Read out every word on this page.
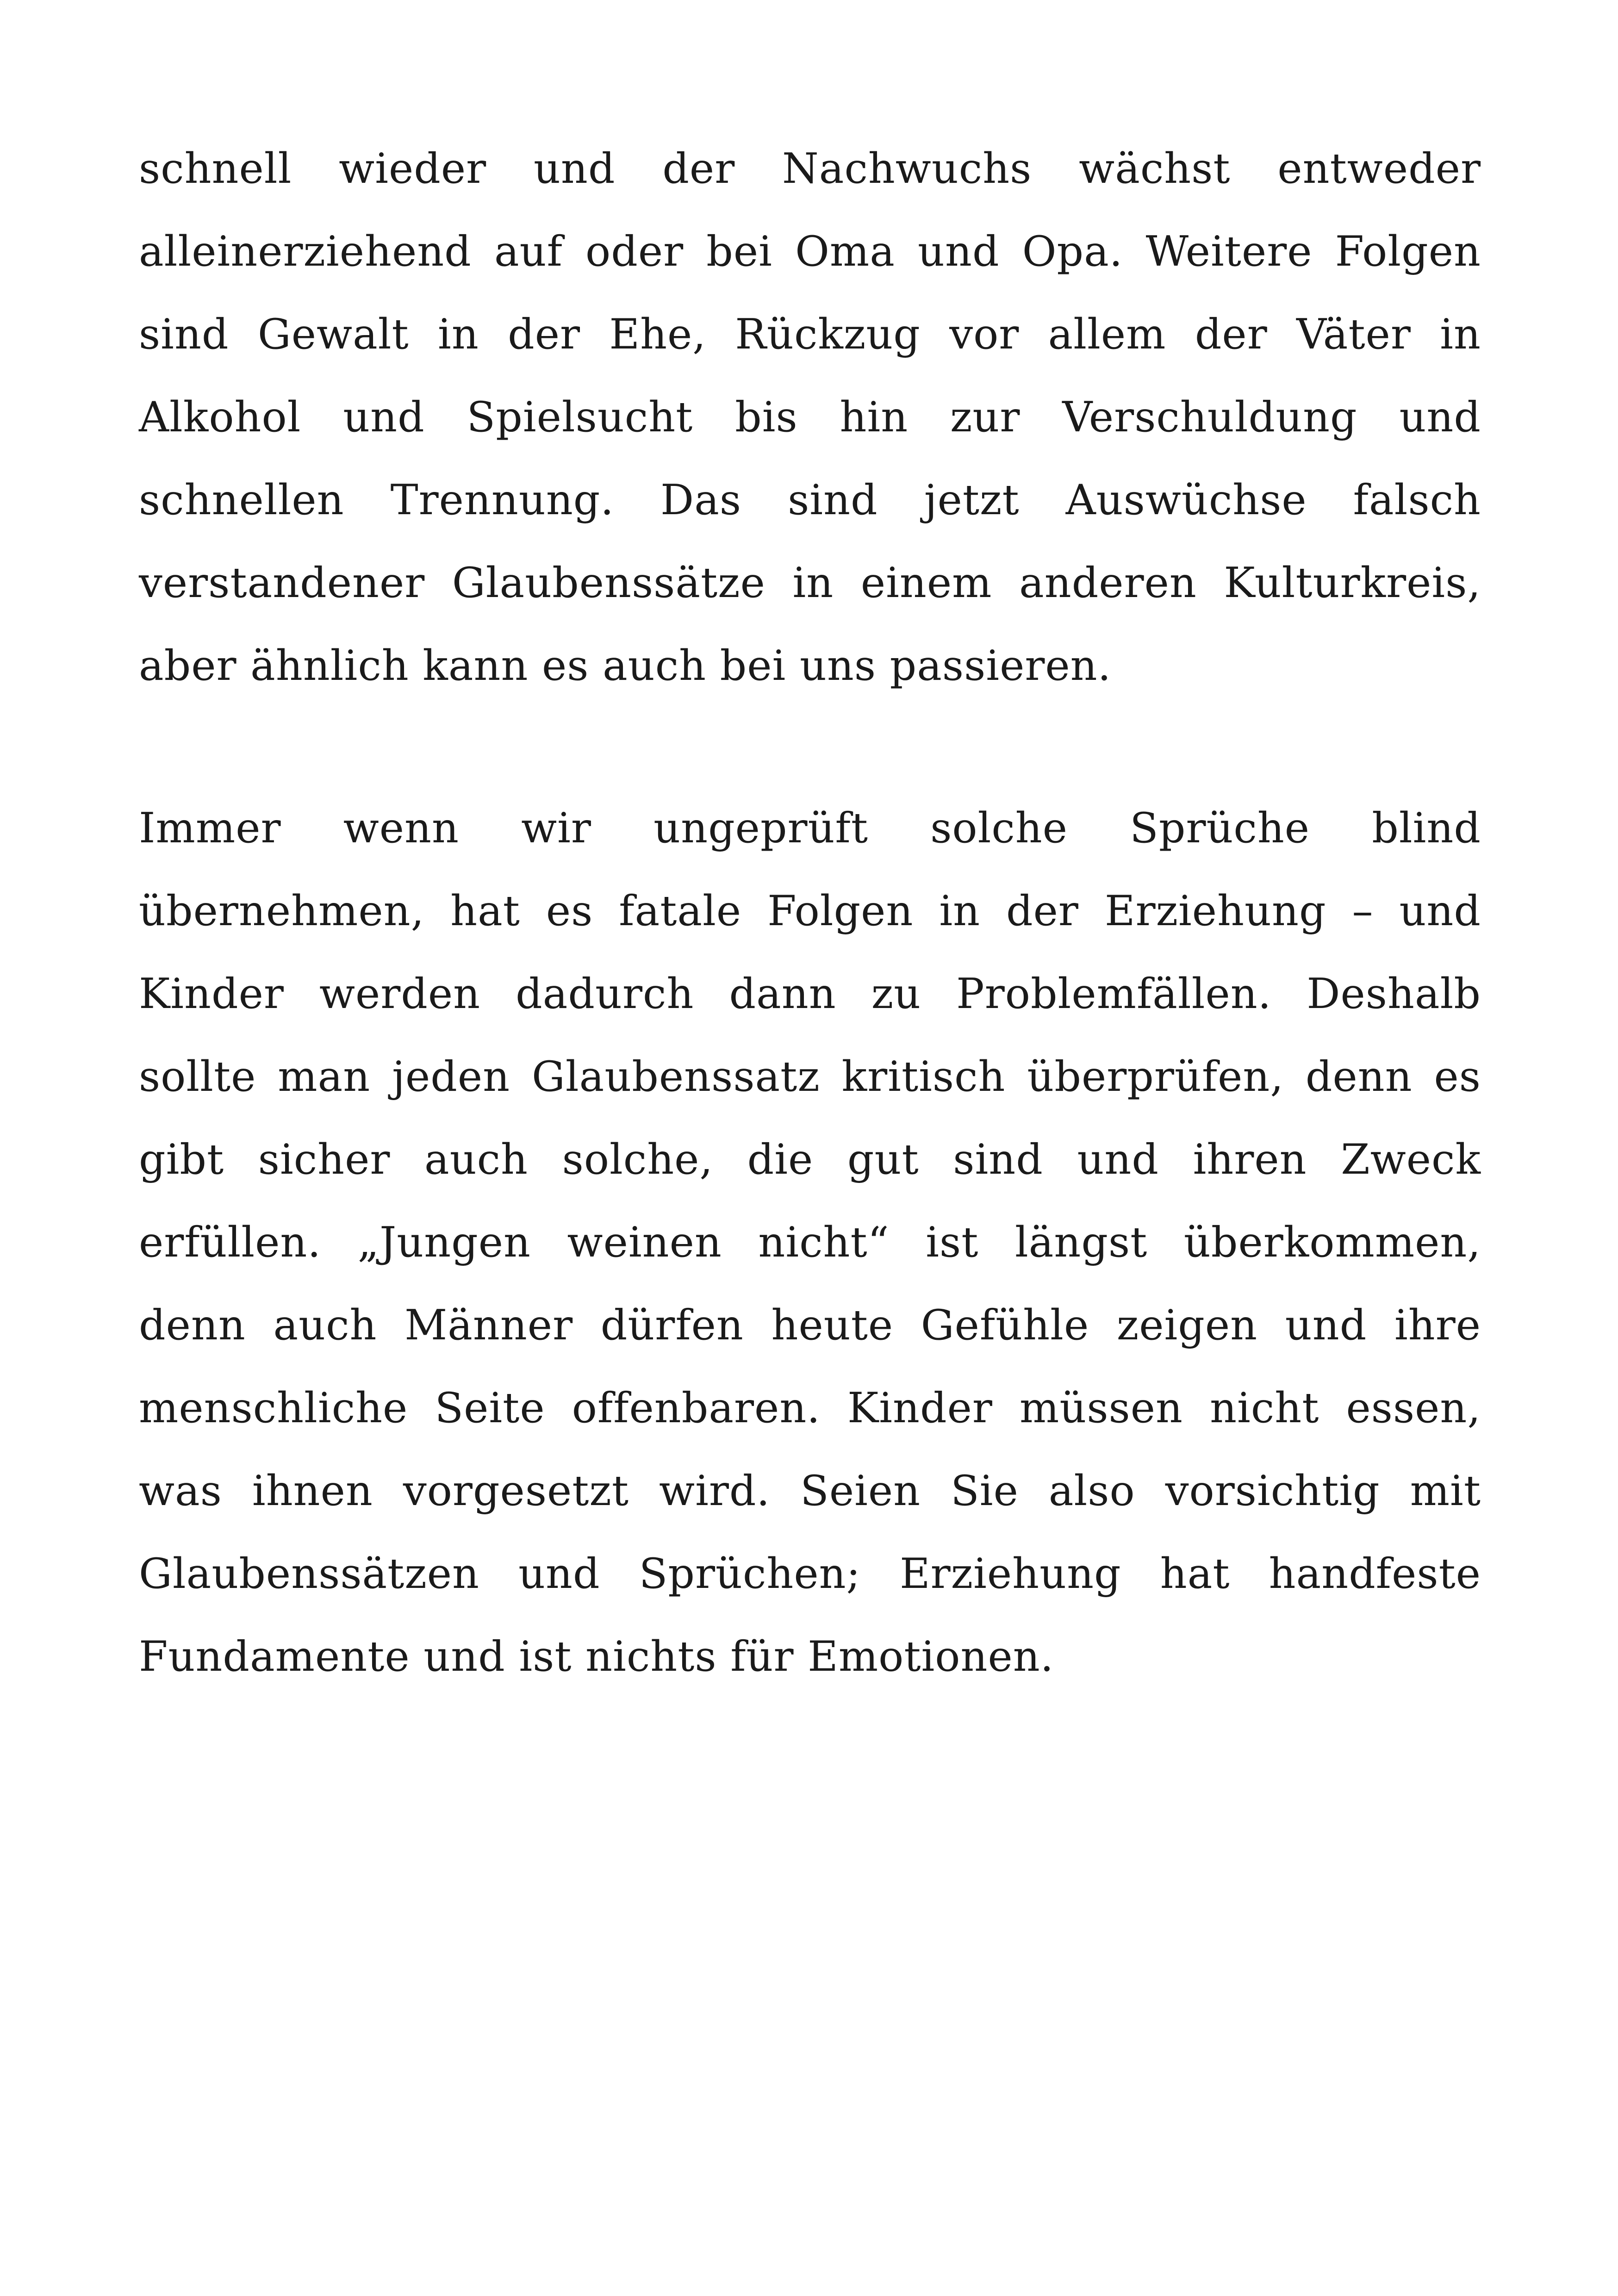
schnell wieder und der Nachwuchs wächst entweder
alleinerziehend auf oder bei Oma und Opa. Weitere Folgen
sind Gewalt in der Ehe, Rückzug vor allem der Väter in
Alkohol und Spielsucht bis hin zur Verschuldung und
schnellen Trennung. Das sind jetzt Auswüchse falsch
verstandener Glaubenssätze in einem anderen Kulturkreis,
aber ähnlich kann es auch bei uns passieren.
Immer wenn wir ungeprüft solche Sprüche blind
übernehmen, hat es fatale Folgen in der Erziehung – und
Kinder werden dadurch dann zu Problemfällen. Deshalb
sollte man jeden Glaubenssatz kritisch überprüfen, denn es
gibt sicher auch solche, die gut sind und ihren Zweck
erfüllen. „Jungen weinen nicht“ ist längst überkommen,
denn auch Männer dürfen heute Gefühle zeigen und ihre
menschliche Seite offenbaren. Kinder müssen nicht essen,
was ihnen vorgesetzt wird. Seien Sie also vorsichtig mit
Glaubenssätzen und Sprüchen; Erziehung hat handfeste
Fundamente und ist nichts für Emotionen.
